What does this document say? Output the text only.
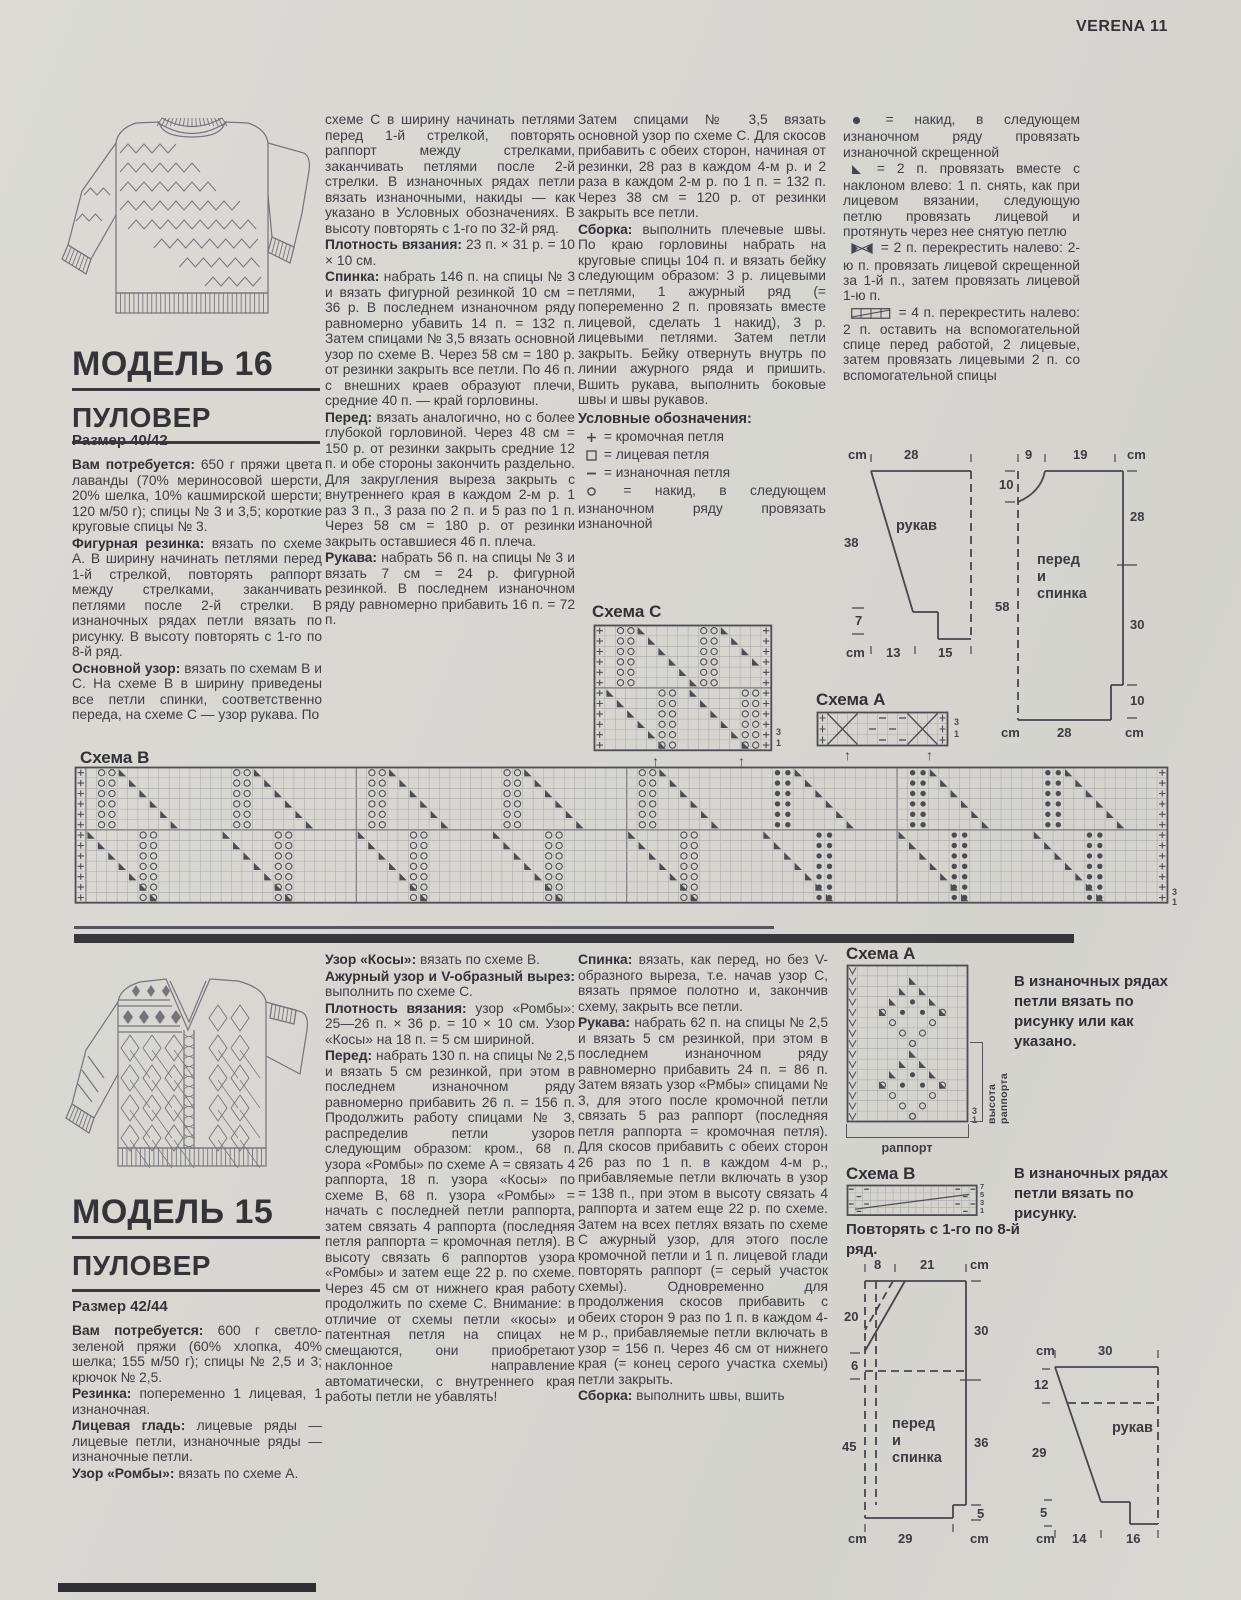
VERENA 11
МОДЕЛЬ 16
ПУЛОВЕР
Размер 40/42

Вам потребуется: 650 г пряжи цвета лаванды (70% мериносовой шерсти, 20% шелка, 10% кашмирской шерсти; 120 м/50 г); спицы № 3 и 3,5; короткие круговые спицы № 3.

Фигурная резинка: вязать по схеме А. В ширину начинать петлями перед 1-й стрелкой, повторять раппорт между стрелками, заканчивать петлями после 2-й стрелки. В изнаночных рядах петли вязать по рисунку. В высоту повторять с 1-го по 8-й ряд.

Основной узор: вязать по схемам В и С. На схеме В в ширину приведены все петли спинки, соответственно переда, на схеме С — узор рукава. По

схеме С в ширину начинать петлями перед 1-й стрелкой, повторять раппорт между стрелками, заканчивать петлями после 2-й стрелки. В изнаночных рядах петли вязать изнаночными, накиды — как указано в Условных обозначениях. В высоту повторять с 1-го по 32-й ряд.

Плотность вязания: 23 п. × 31 р. = 10 × 10 см.

Спинка: набрать 146 п. на спицы № 3 и вязать фигурной резинкой 10 см = 36 р. В последнем изнаночном ряду равномерно убавить 14 п. = 132 п. Затем спицами № 3,5 вязать основной узор по схеме В. Через 58 см = 180 р. от резинки закрыть все петли. По 46 п. с внешних краев образуют плечи, средние 40 п. — край горловины.

Перед: вязать аналогично, но с более глубокой горловиной. Через 48 см = 150 р. от резинки закрыть средние 12 п. и обе стороны закончить раздельно. Для закругления выреза закрыть с внутреннего края в каждом 2-м р. 1 раз 3 п., 3 раза по 2 п. и 5 раз по 1 п. Через 58 см = 180 р. от резинки закрыть оставшиеся 46 п. плеча.

Рукава: набрать 56 п. на спицы № 3 и вязать 7 см = 24 р. фигурной резинкой. В последнем изнаночном ряду равномерно прибавить 16 п. = 72 п.

Затем спицами № 3,5 вязать основной узор по схеме С. Для скосов прибавить с обеих сторон, начиная от резинки, 28 раз в каждом 4-м р. и 2 раза в каждом 2-м р. по 1 п. = 132 п. Через 38 см = 120 р. от резинки закрыть все петли.

Сборка: выполнить плечевые швы. По краю горловины набрать на круговые спицы 104 п. и вязать бейку следующим образом: 3 р. лицевыми петлями, 1 ажурный ряд (= попеременно 2 п. провязать вместе лицевой, сделать 1 накид), 3 р. лицевыми петлями. Затем петли закрыть. Бейку отвернуть внутрь по линии ажурного ряда и пришить. Вшить рукава, выполнить боковые швы и швы рукавов.

Условные обозначения:

= кромочная петля

= лицевая петля

= изнаночная петля

= накид, в следующем изнаночном ряду провязать изнаночной

= накид, в следующем изнаночном ряду провязать изнаночной скрещенной

= 2 п. провязать вместе с наклоном влево: 1 п. снять, как при лицевом вязании, следующую петлю провязать лицевой и протянуть через нее снятую петлю

= 2 п. перекрестить налево: 2-ю п. провязать лицевой скрещенной за 1-й п., затем провязать лицевой 1-ю п.

= 4 п. перекрестить налево: 2 п. оставить на вспомогательной спице перед работой, 2 лицевые, затем провязать лицевыми 2 п. со вспомогательной спицы

Схема C
3
1
↑
↑
Схема A
3
1
↑
↑
Схема B
3
1
cm	28
38
7
cm 13	15
рукав
9	19	cm
10
58
28
30
10
28
cm	cm
перед
и
спинка
МОДЕЛЬ 15
ПУЛОВЕР
Размер 42/44

Вам потребуется: 600 г светло-зеленой пряжи (60% хлопка, 40% шелка; 155 м/50 г); спицы № 2,5 и 3; крючок № 2,5.

Резинка: попеременно 1 лицевая, 1 изнаночная.

Лицевая гладь: лицевые ряды — лицевые петли, изнаночные ряды — изнаночные петли.

Узор «Ромбы»: вязать по схеме А.

Узор «Косы»: вязать по схеме В.

Ажурный узор и V-образный вырез: выполнить по схеме С.

Плотность вязания: узор «Ромбы»: 25—26 п. × 36 р. = 10 × 10 см. Узор «Косы» на 18 п. = 5 см шириной.

Перед: набрать 130 п. на спицы № 2,5 и вязать 5 см резинкой, при этом в последнем изнаночном ряду равномерно прибавить 26 п. = 156 п. Продолжить работу спицами № 3, распределив петли узоров следующим образом: кром., 68 п. узора «Ромбы» по схеме А = связать 4 раппорта, 18 п. узора «Косы» по схеме В, 68 п. узора «Ромбы» = начать с последней петли раппорта, затем связать 4 раппорта (последняя петля раппорта = кромочная петля). В высоту связать 6 раппортов узора «Ромбы» и затем еще 22 р. по схеме. Через 45 см от нижнего края работу продолжить по схеме С. Внимание: в отличие от схемы петли «косы» и патентная петля на спицах не смещаются, они приобретают наклонное направление автоматически, с внутреннего края работы петли не убавлять!

Спинка: вязать, как перед, но без V-образного выреза, т.е. начав узор С, вязать прямое полотно и, закончив схему, закрыть все петли.

Рукава: набрать 62 п. на спицы № 2,5 и вязать 5 см резинкой, при этом в последнем изнаночном ряду равномерно прибавить 24 п. = 86 п. Затем вязать узор «Рмбы» спицами № 3, для этого после кромочной петли связать 5 раз раппорт (последняя петля раппорта = кромочная петля). Для скосов прибавить с обеих сторон 26 раз по 1 п. в каждом 4-м р., прибавляемые петли включать в узор = 138 п., при этом в высоту связать 4 раппорта и затем еще 22 р. по схеме. Затем на всех петлях вязать по схеме С ажурный узор, для этого после кромочной петли и 1 п. лицевой глади повторять раппорт (= серый участок схемы). Одновременно для продолжения скосов прибавить с обеих сторон 9 раз по 1 п. в каждом 4-м р., прибавляемые петли включать в узор = 156 п. Через 46 см от нижнего края (= конец серого участка схемы) петли закрыть.

Сборка: выполнить швы, вшить

Схема A
3
1
раппорт
высота раппорта
В изнаночных рядах петли вязать по рисунку или как указано.
Схема B
7
5
3
1
Повторять с 1-го по 8-й ряд.
В изнаночных рядах петли вязать по рисунку.
8	21	cm
20
6
45
30
36
5
29
cm	cm
перед
и
спинка
cm	30
12
29
5
cm 14	16
рукав
